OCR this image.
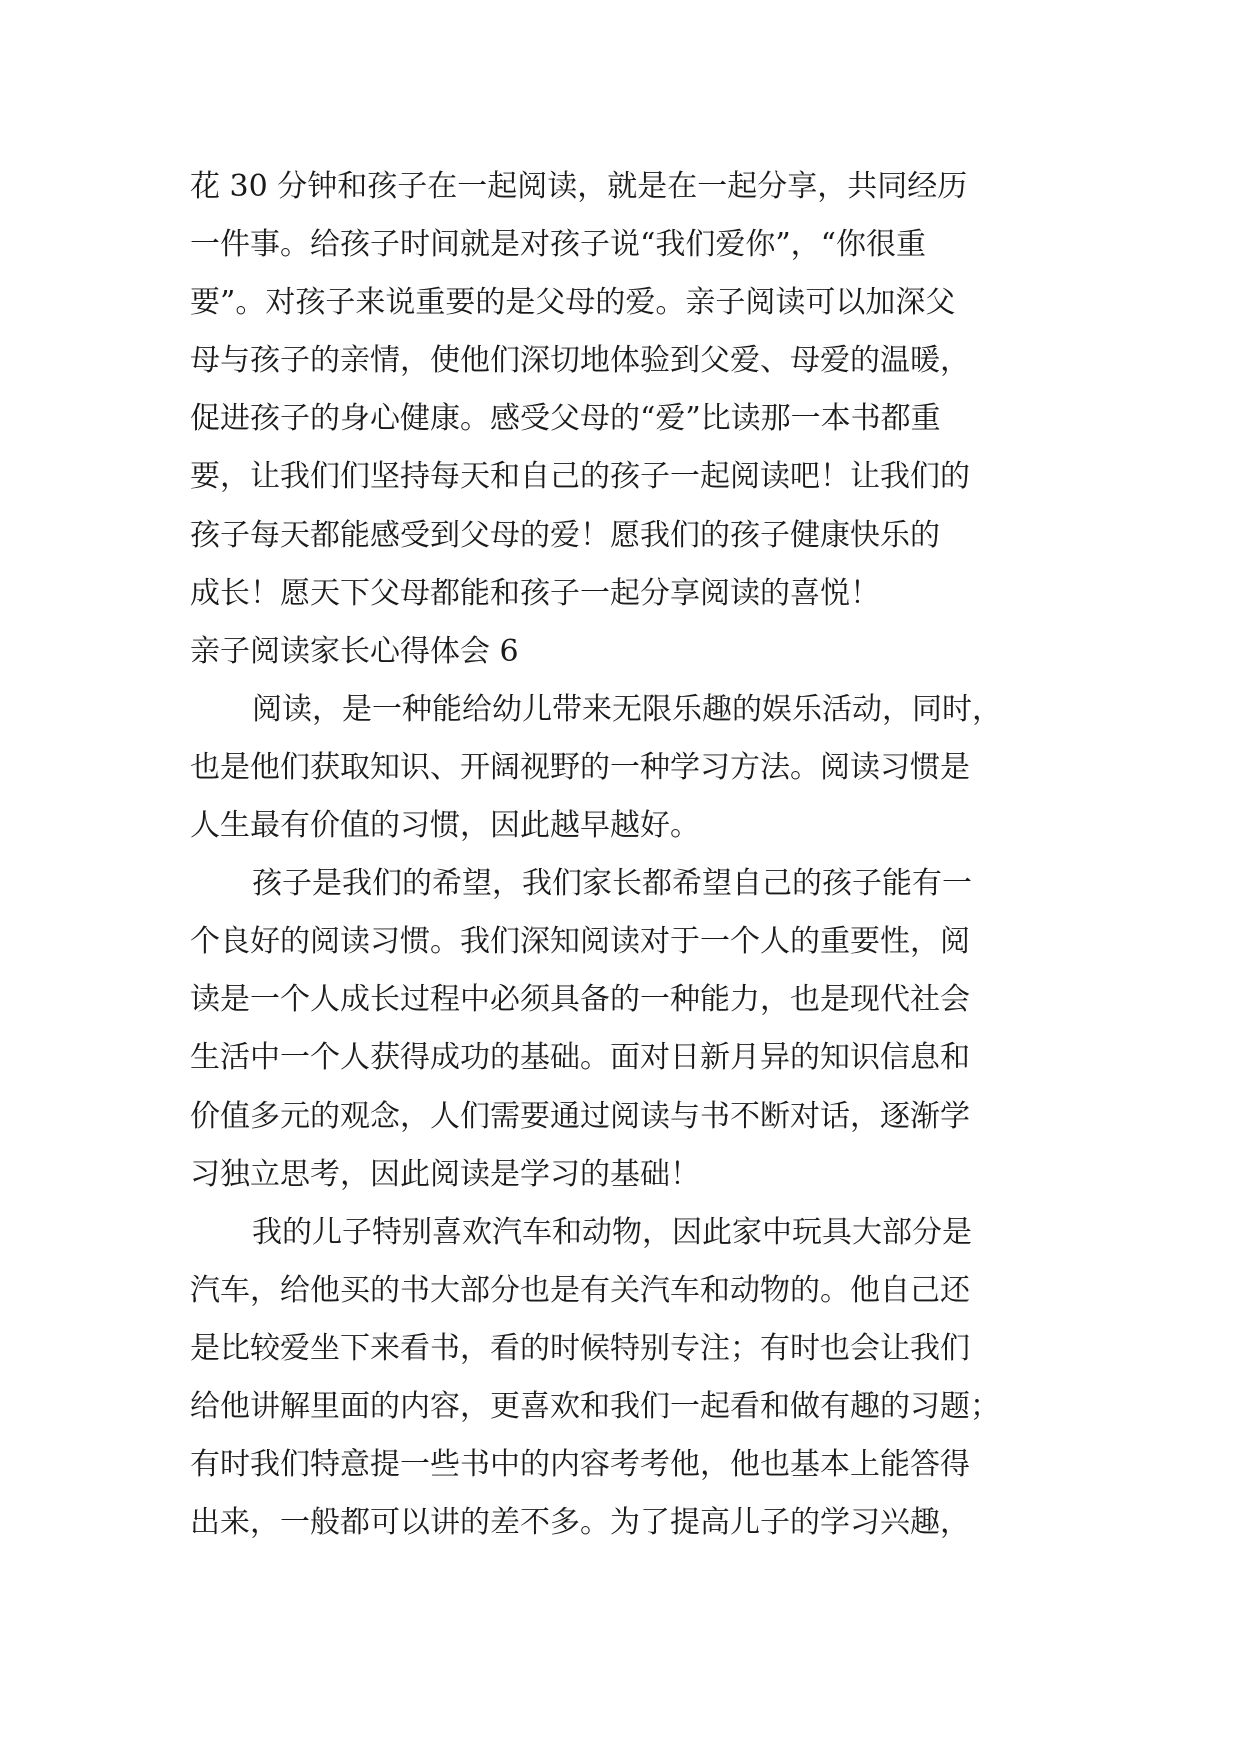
花 30 分钟和孩子在一起阅读，就是在一起分享，共同经历
一件事。给孩子时间就是对孩子说“我们爱你”，“你很重
要”。对孩子来说重要的是父母的爱。亲子阅读可以加深父
母与孩子的亲情，使他们深切地体验到父爱、母爱的温暖，
促进孩子的身心健康。感受父母的“爱”比读那一本书都重
要，让我们们坚持每天和自己的孩子一起阅读吧！让我们的
孩子每天都能感受到父母的爱！愿我们的孩子健康快乐的
成长！愿天下父母都能和孩子一起分享阅读的喜悦！
亲子阅读家长心得体会 6
阅读，是一种能给幼儿带来无限乐趣的娱乐活动，同时，
也是他们获取知识、开阔视野的一种学习方法。阅读习惯是
人生最有价值的习惯，因此越早越好。
孩子是我们的希望，我们家长都希望自己的孩子能有一
个良好的阅读习惯。我们深知阅读对于一个人的重要性，阅
读是一个人成长过程中必须具备的一种能力，也是现代社会
生活中一个人获得成功的基础。面对日新月异的知识信息和
价值多元的观念，人们需要通过阅读与书不断对话，逐渐学
习独立思考，因此阅读是学习的基础！
我的儿子特别喜欢汽车和动物，因此家中玩具大部分是
汽车，给他买的书大部分也是有关汽车和动物的。他自己还
是比较爱坐下来看书，看的时候特别专注；有时也会让我们
给他讲解里面的内容，更喜欢和我们一起看和做有趣的习题；
有时我们特意提一些书中的内容考考他，他也基本上能答得
出来，一般都可以讲的差不多。为了提高儿子的学习兴趣，
